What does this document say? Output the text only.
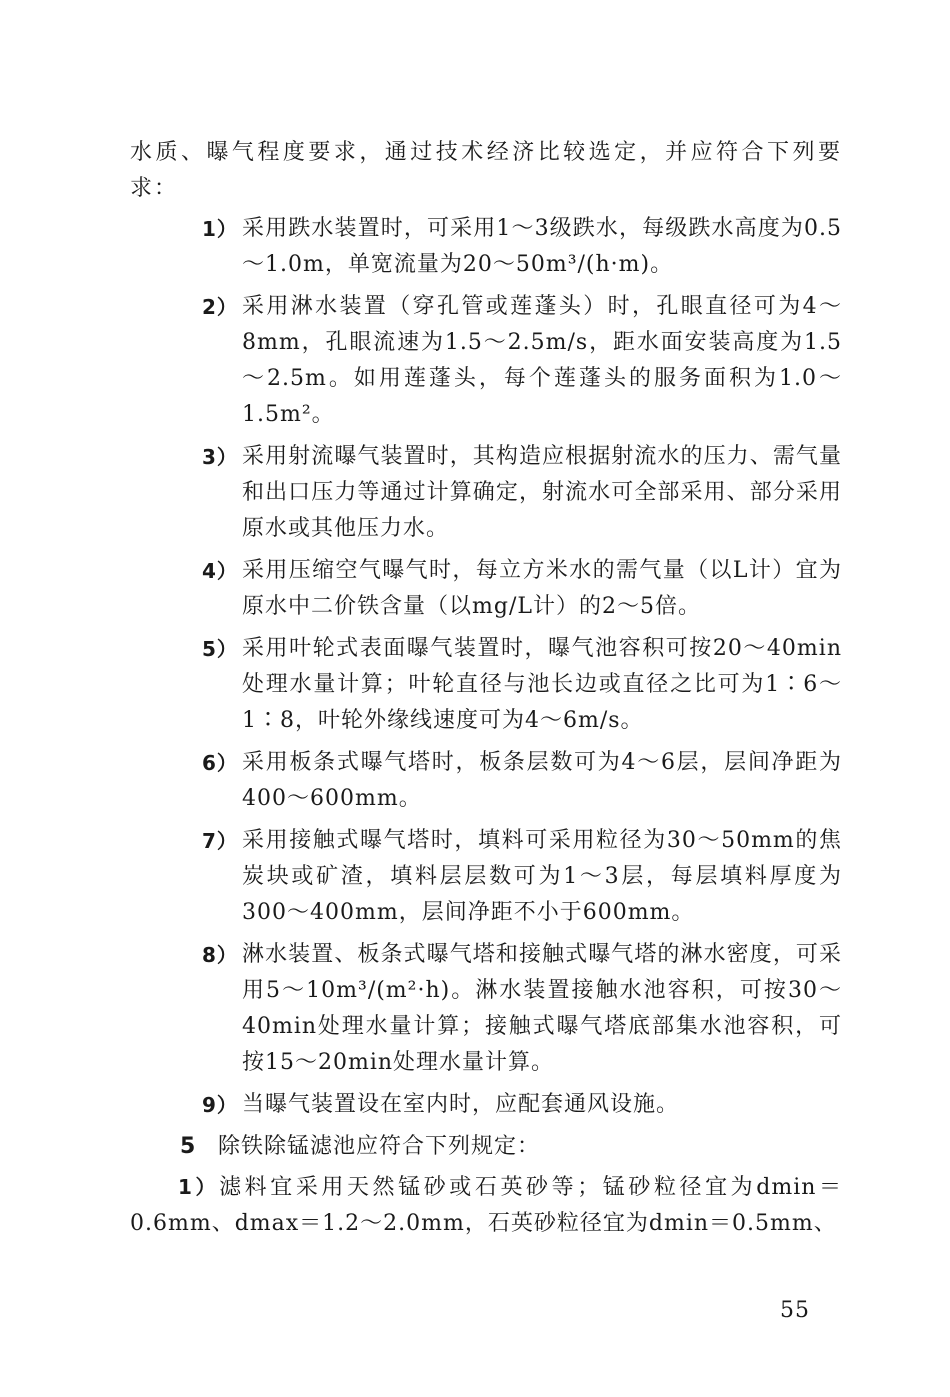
水质、曝气程度要求，通过技术经济比较选定，并应符合下列要求：
1） 采用跌水装置时，可采用1～3级跌水，每级跌水高度为0.5～1.0m，单宽流量为20～50m³/(h·m)。
2） 采用淋水装置（穿孔管或莲蓬头）时，孔眼直径可为4～8mm，孔眼流速为1.5～2.5m/s，距水面安装高度为1.5～2.5m。如用莲蓬头，每个莲蓬头的服务面积为1.0～1.5m²。
3） 采用射流曝气装置时，其构造应根据射流水的压力、需气量和出口压力等通过计算确定，射流水可全部采用、部分采用原水或其他压力水。
4） 采用压缩空气曝气时，每立方米水的需气量（以L计）宜为原水中二价铁含量（以mg/L计）的2～5倍。
5） 采用叶轮式表面曝气装置时，曝气池容积可按20～40min处理水量计算；叶轮直径与池长边或直径之比可为1∶6～1∶8，叶轮外缘线速度可为4～6m/s。
6） 采用板条式曝气塔时，板条层数可为4～6层，层间净距为400～600mm。
7） 采用接触式曝气塔时，填料可采用粒径为30～50mm的焦炭块或矿渣，填料层层数可为1～3层，每层填料厚度为300～400mm，层间净距不小于600mm。
8） 淋水装置、板条式曝气塔和接触式曝气塔的淋水密度，可采用5～10m³/(m²·h)。淋水装置接触水池容积，可按30～40min处理水量计算；接触式曝气塔底部集水池容积，可按15～20min处理水量计算。
9） 当曝气装置设在室内时，应配套通风设施。
5 除铁除锰滤池应符合下列规定：
1）滤料宜采用天然锰砂或石英砂等；锰砂粒径宜为dmin＝0.6mm、dmax＝1.2～2.0mm，石英砂粒径宜为dmin＝0.5mm、
55
